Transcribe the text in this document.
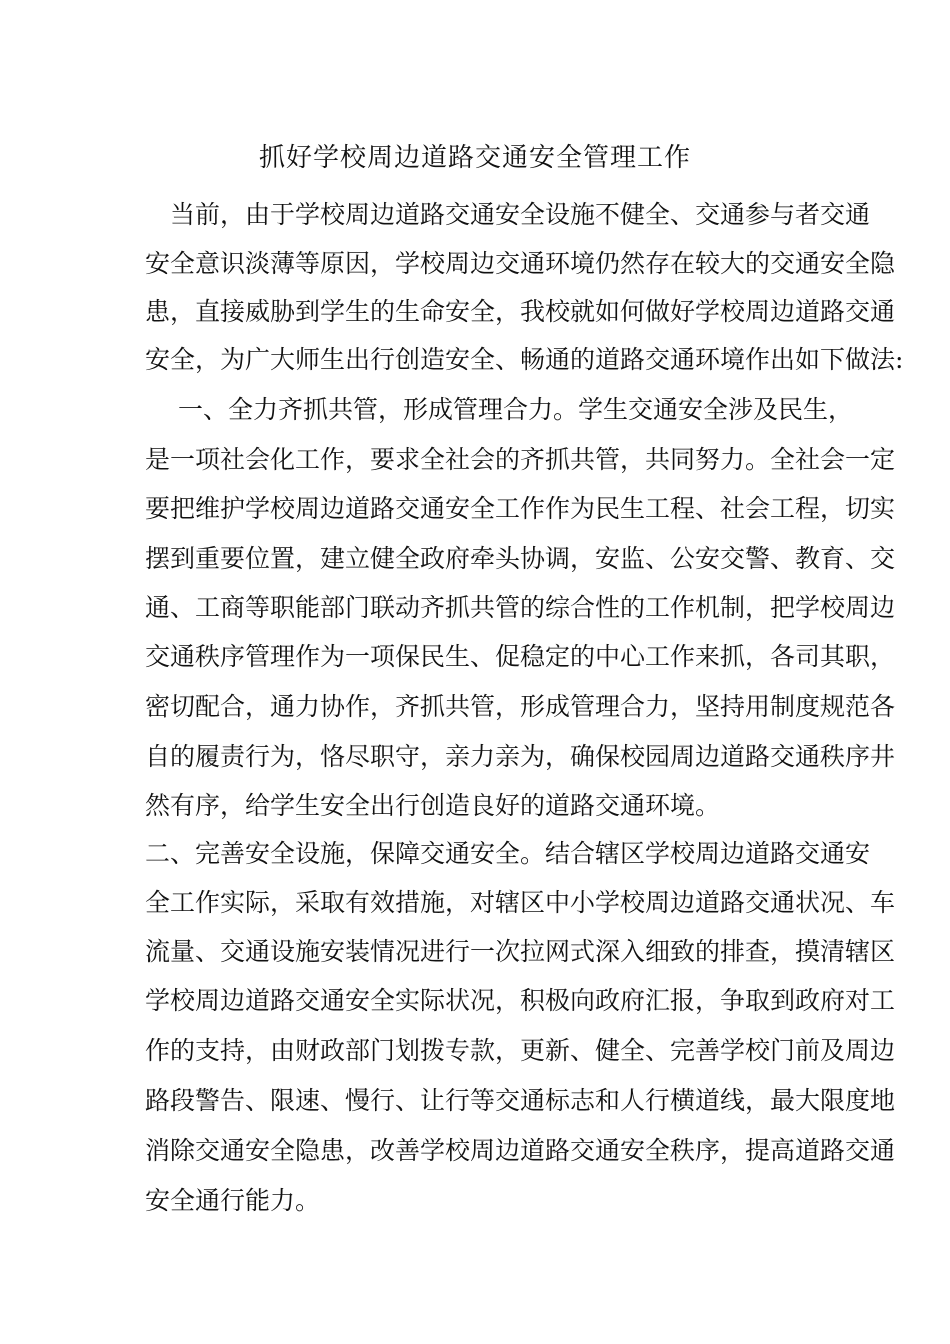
抓好学校周边道路交通安全管理工作
　当前，由于学校周边道路交通安全设施不健全、交通参与者交通
安全意识淡薄等原因，学校周边交通环境仍然存在较大的交通安全隐
患，直接威胁到学生的生命安全，我校就如何做好学校周边道路交通
安全，为广大师生出行创造安全、畅通的道路交通环境作出如下做法:
　 一、全力齐抓共管，形成管理合力。学生交通安全涉及民生，
是一项社会化工作，要求全社会的齐抓共管，共同努力。全社会一定
要把维护学校周边道路交通安全工作作为民生工程、社会工程，切实
摆到重要位置，建立健全政府牵头协调，安监、公安交警、教育、交
通、工商等职能部门联动齐抓共管的综合性的工作机制，把学校周边
交通秩序管理作为一项保民生、促稳定的中心工作来抓，各司其职，
密切配合，通力协作，齐抓共管，形成管理合力，坚持用制度规范各
自的履责行为，恪尽职守，亲力亲为，确保校园周边道路交通秩序井
然有序，给学生安全出行创造良好的道路交通环境。
二、完善安全设施，保障交通安全。结合辖区学校周边道路交通安
全工作实际，采取有效措施，对辖区中小学校周边道路交通状况、车
流量、交通设施安装情况进行一次拉网式深入细致的排查，摸清辖区
学校周边道路交通安全实际状况，积极向政府汇报，争取到政府对工
作的支持，由财政部门划拨专款，更新、健全、完善学校门前及周边
路段警告、限速、慢行、让行等交通标志和人行横道线，最大限度地
消除交通安全隐患，改善学校周边道路交通安全秩序，提高道路交通
安全通行能力。
